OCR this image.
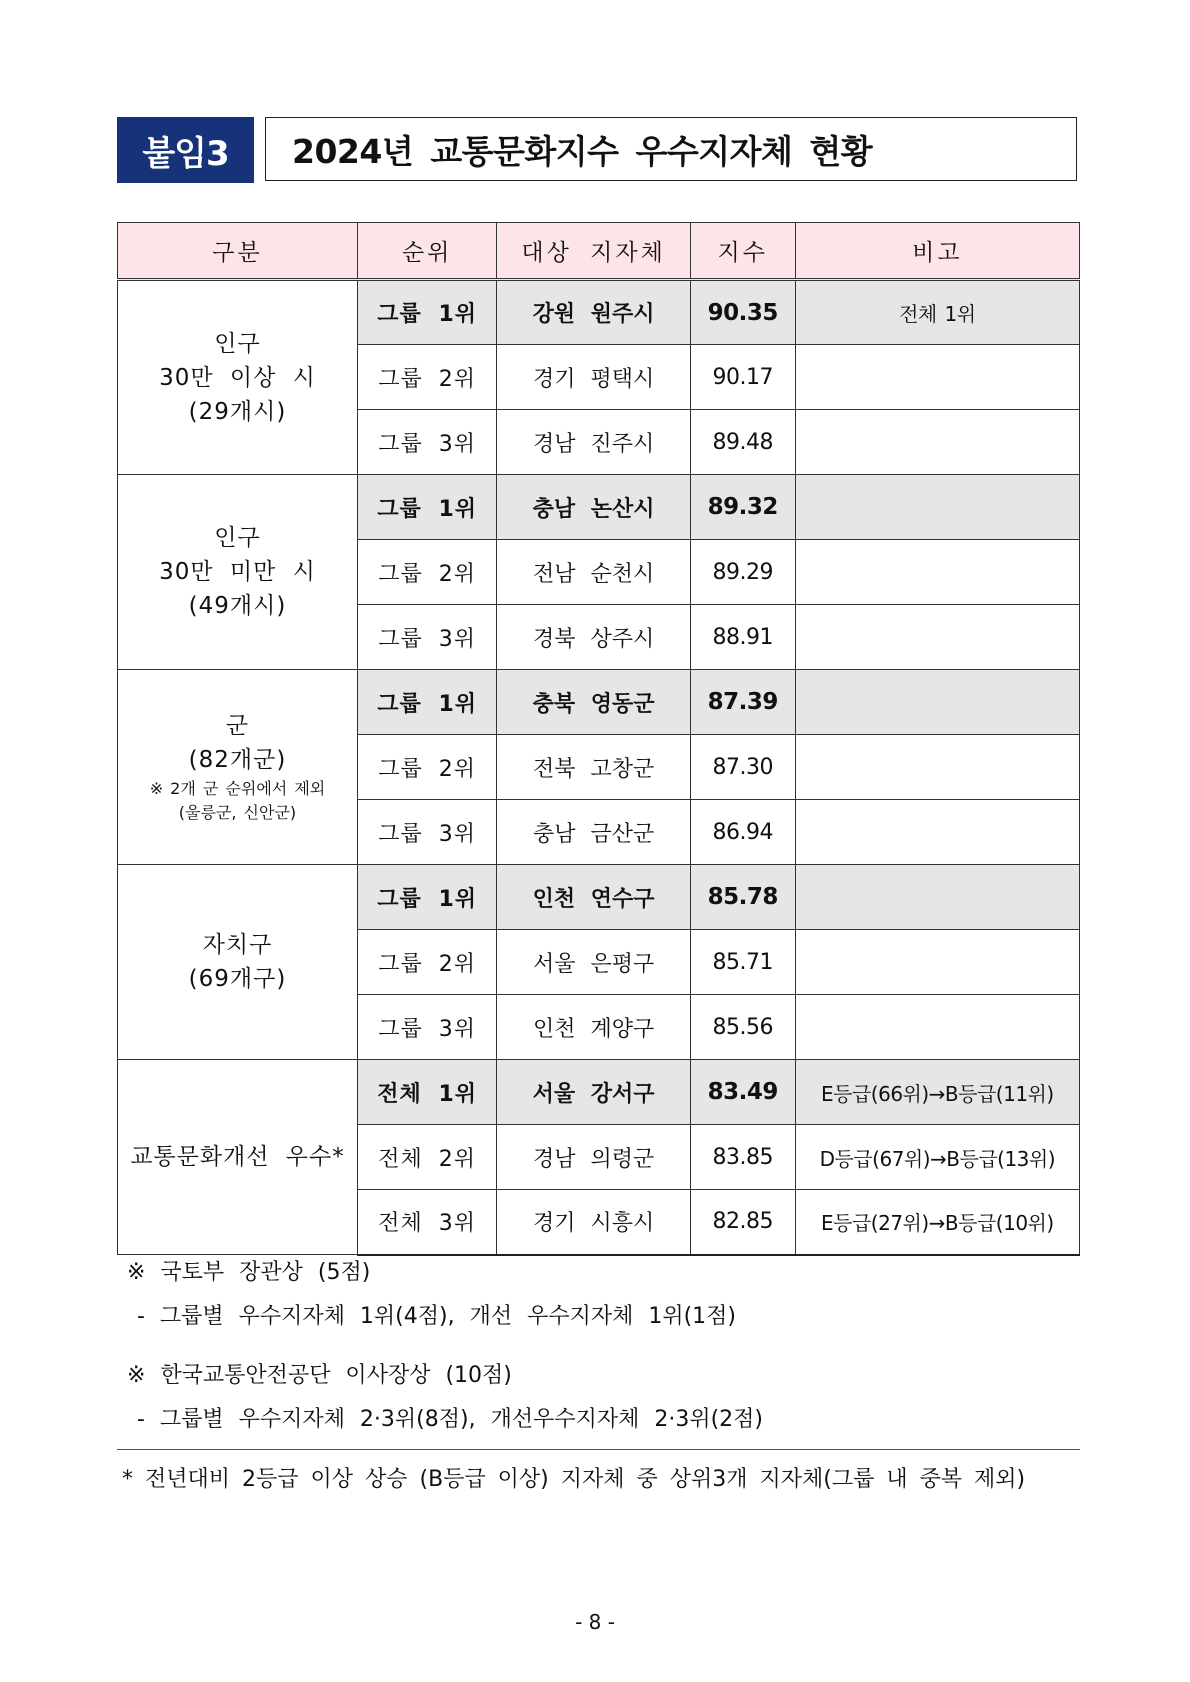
붙임3	2024년 교통문화지수 우수지자체 현황
구분	순위	대상 지자체	지수	비고

인구
30만 이상 시
(29개시)	그룹 1위	강원 원주시	90.35	전체 1위
	그룹 2위	경기 평택시	90.17	
	그룹 3위	경남 진주시	89.48	

인구
30만 미만 시
(49개시)	그룹 1위	충남 논산시	89.32	
	그룹 2위	전남 순천시	89.29	
	그룹 3위	경북 상주시	88.91	

군
(82개군)
※ 2개 군 순위에서 제외
(울릉군, 신안군)	그룹 1위	충북 영동군	87.39	
	그룹 2위	전북 고창군	87.30	
	그룹 3위	충남 금산군	86.94	

자치구
(69개구)	그룹 1위	인천 연수구	85.78	
	그룹 2위	서울 은평구	85.71	
	그룹 3위	인천 계양구	85.56	

교통문화개선 우수*	전체 1위	서울 강서구	83.49	E등급(66위)→B등급(11위)
	전체 2위	경남 의령군	83.85	D등급(67위)→B등급(13위)
	전체 3위	경기 시흥시	82.85	E등급(27위)→B등급(10위)
※ 국토부 장관상 (5점)
- 그룹별 우수지자체 1위(4점), 개선 우수지자체 1위(1점)
※ 한국교통안전공단 이사장상 (10점)
- 그룹별 우수지자체 2·3위(8점), 개선우수지자체 2·3위(2점)
* 전년대비 2등급 이상 상승 (B등급 이상) 지자체 중 상위3개 지자체(그룹 내 중복 제외)
- 8 -
